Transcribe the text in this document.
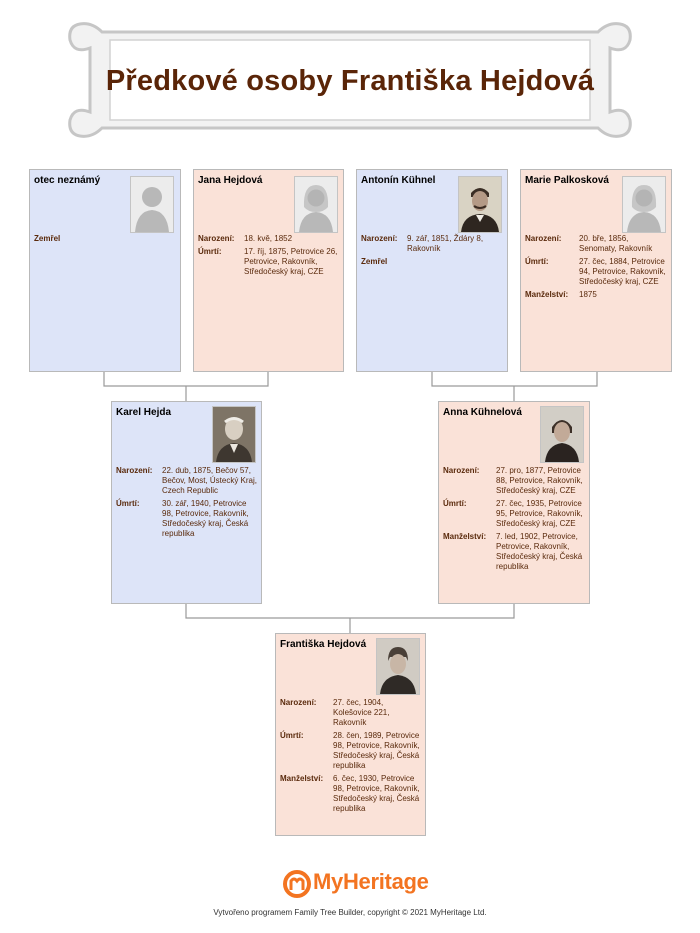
Předkové osoby Františka Hejdová
otec neznámý
Zemřel
Jana Hejdová
Narození:	18. kvě, 1852
Úmrtí:	17. říj, 1875, Petrovice 26, Petrovice, Rakovník, Středočeský kraj, CZE
Antonín Kühnel
Narození:	9. zář, 1851, Ždáry 8, Rakovník
Zemřel
Marie Palkosková
Narození:	20. bře, 1856, Senomaty, Rakovník
Úmrtí:	27. čec, 1884, Petrovice 94, Petrovice, Rakovník, Středočeský kraj, CZE
Manželství:	1875
Karel Hejda
Narození:	22. dub, 1875, Bečov 57, Bečov, Most, Ústecký Kraj, Czech Republic
Úmrtí:	30. zář, 1940, Petrovice 98, Petrovice, Rakovník, Středočeský kraj, Česká republika
Anna Kühnelová
Narození:	27. pro, 1877, Petrovice 88, Petrovice, Rakovník, Středočeský kraj, CZE
Úmrtí:	27. čec, 1935, Petrovice 95, Petrovice, Rakovník, Středočeský kraj, CZE
Manželství:	7. led, 1902, Petrovice, Petrovice, Rakovník, Středočeský kraj, Česká republika
Františka Hejdová
Narození:	27. čec, 1904, Kolešovice 221, Rakovník
Úmrtí:	28. čen, 1989, Petrovice 98, Petrovice, Rakovník, Středočeský kraj, Česká republika
Manželství:	6. čec, 1930, Petrovice 98, Petrovice, Rakovník, Středočeský kraj, Česká republika
MyHeritage
Vytvořeno programem Family Tree Builder, copyright © 2021 MyHeritage Ltd.
